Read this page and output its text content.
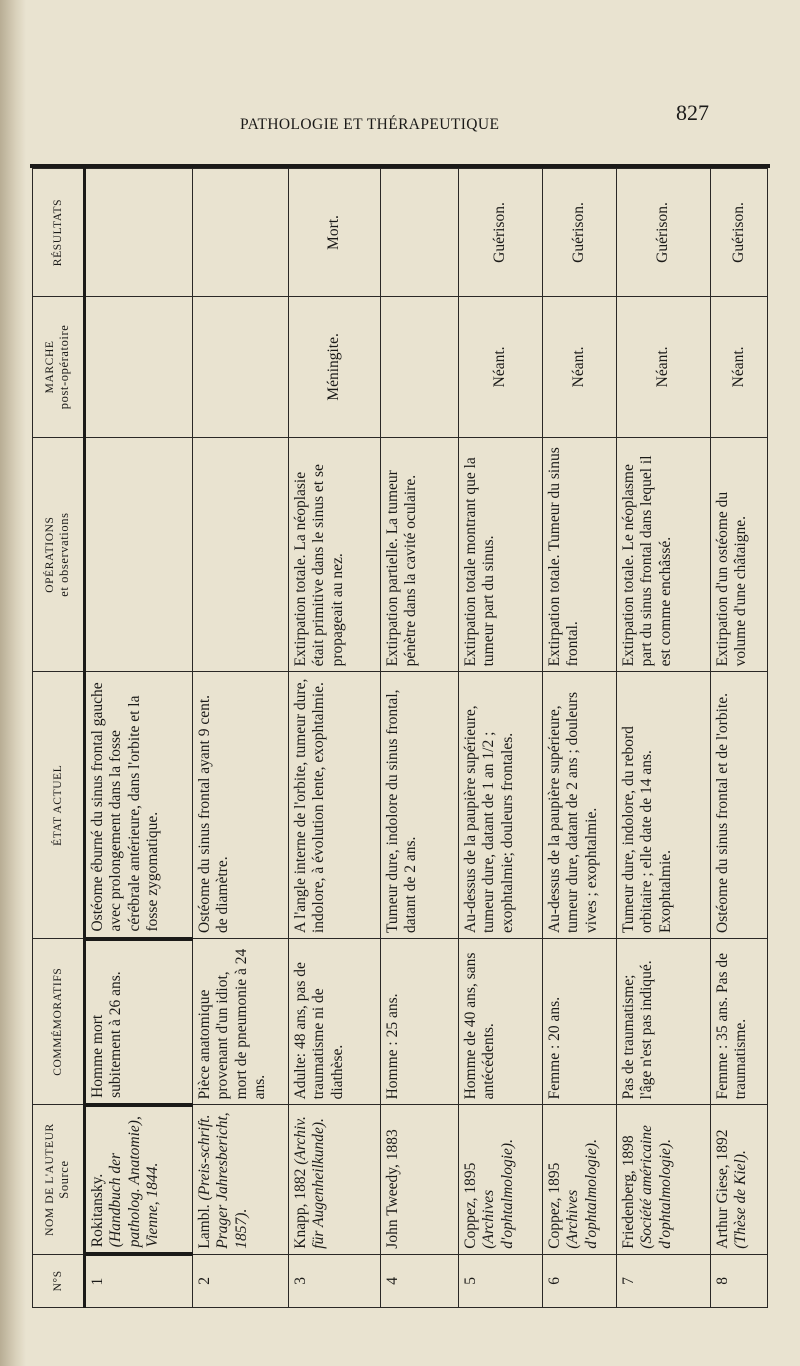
PATHOLOGIE ET THÉRAPEUTIQUE	827
N°S	NOM DE L'AUTEUR Source	COMMÉMORATIFS	ÉTAT ACTUEL	OPÉRATIONS et observations	MARCHE post-opératoire	RÉSULTATS

1	Rokitansky. (Handbuch der patholog. Anatomie), Vienne, 1844.	Homme mort subitement à 26 ans.	Ostéome éburné du sinus frontal gauche avec prolongement dans la fosse cérébrale antérieure, dans l'orbite et la fosse zygomatique.			
2	Lambl. (Preis-schrift. Prager Jahresbericht, 1857).	Pièce anatomique provenant d'un idiot, mort de pneumonie à 24 ans.	Ostéome du sinus frontal ayant 9 cent. de diamètre.			
3	Knapp, 1882 (Archiv. für Augenheilkunde).	Adulte: 48 ans, pas de traumatisme ni de diathèse.	A l'angle interne de l'orbite, tumeur dure, indolore, à évolution lente, exophtalmie.	Extirpation totale. La néoplasie était primitive dans le sinus et se propageait au nez.	Méningite.	Mort.
4	John Tweedy, 1883	Homme : 25 ans.	Tumeur dure, indolore du sinus frontal, datant de 2 ans.	Extirpation partielle. La tumeur pénètre dans la cavité oculaire.		
5	Coppez, 1895 (Archives d'ophtalmologie).	Homme de 40 ans, sans antécédents.	Au-dessus de la paupière supérieure, tumeur dure, datant de 1 an 1/2 ; exophtalmie; douleurs frontales.	Extirpation totale montrant que la tumeur part du sinus.	Néant.	Guérison.
6	Coppez, 1895 (Archives d'ophtalmologie).	Femme : 20 ans.	Au-dessus de la paupière supérieure, tumeur dure, datant de 2 ans ; douleurs vives ; exophtalmie.	Extirpation totale. Tumeur du sinus frontal.	Néant.	Guérison.
7	Friedenberg, 1898 (Société américaine d'ophtalmologie).	Pas de traumatisme; l'âge n'est pas indiqué.	Tumeur dure, indolore, du rebord orbitaire ; elle date de 14 ans. Exophtalmie.	Extirpation totale. Le néoplasme part du sinus frontal dans lequel il est comme enchâssé.	Néant.	Guérison.
8	Arthur Giese, 1892 (Thèse de Kiel).	Femme : 35 ans. Pas de traumatisme.	Ostéome du sinus frontal et de l'orbite.	Extirpation d'un ostéome du volume d'une châtaigne.	Néant.	Guérison.
